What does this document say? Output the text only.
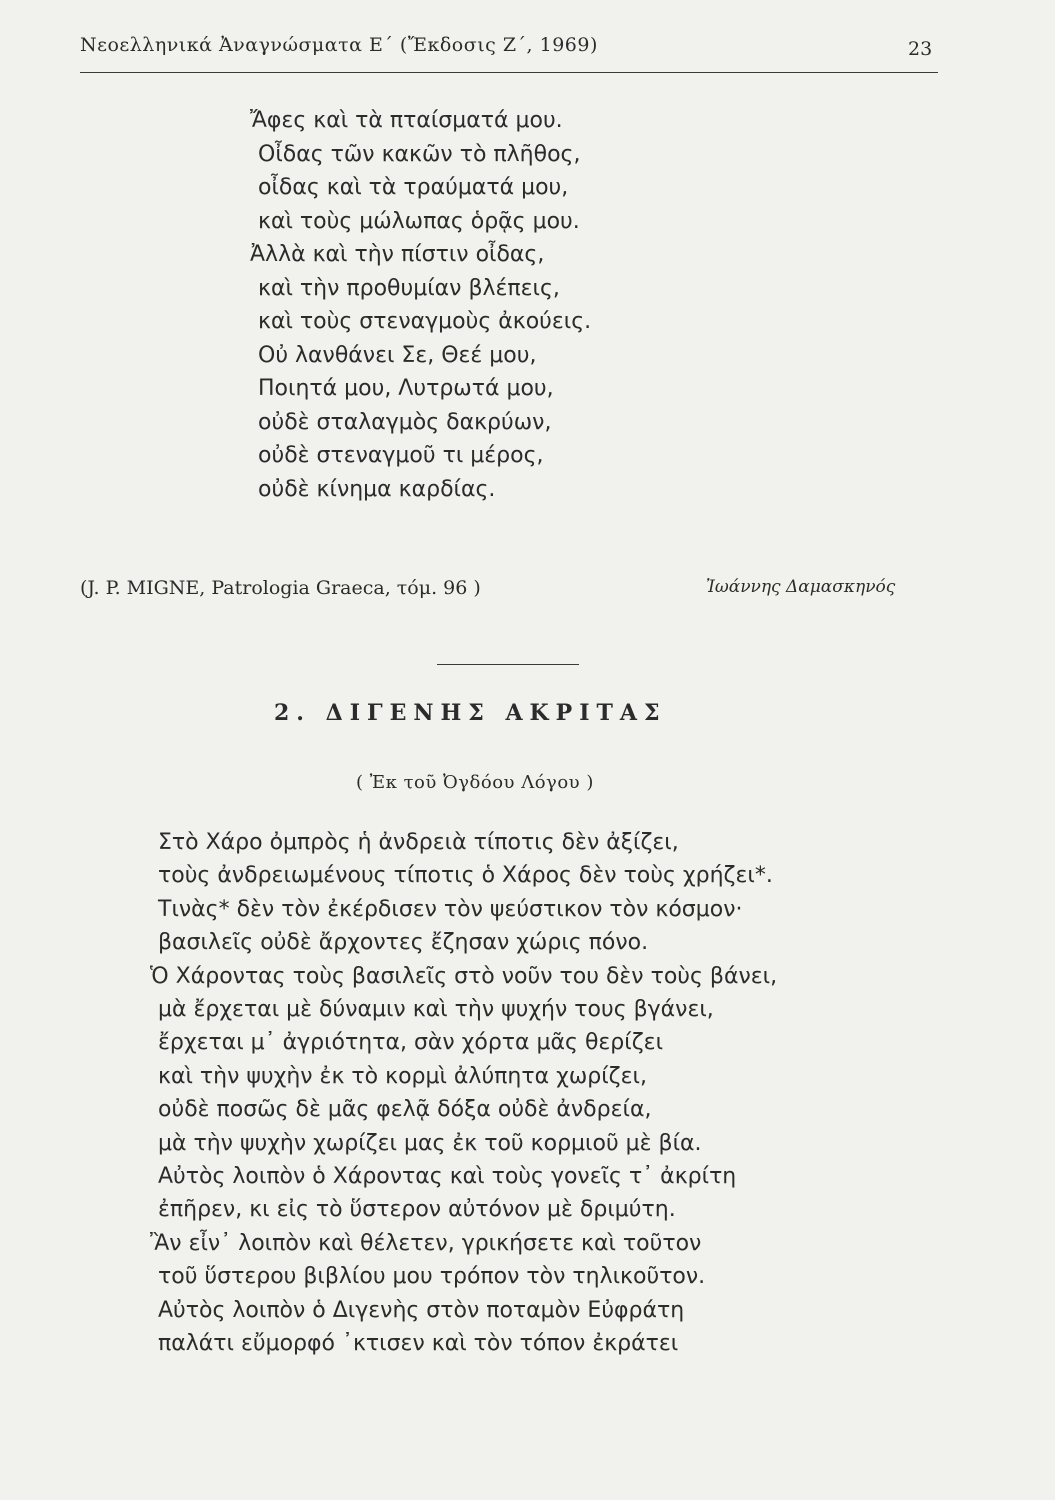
Νεοελληνικά Ἀναγνώσματα Ε΄ (Ἔκδοσις Ζ΄, 1969)	23
Ἄφες καὶ τὰ πταίσματά μου.
Οἶδας τῶν κακῶν τὸ πλῆθος,
οἶδας καὶ τὰ τραύματά μου,
καὶ τοὺς μώλωπας ὁρᾷς μου.
Ἀλλὰ καὶ τὴν πίστιν οἶδας,
καὶ τὴν προθυμίαν βλέπεις,
καὶ τοὺς στεναγμοὺς ἀκούεις.
Οὐ λανθάνει Σε, Θεέ μου,
Ποιητά μου, Λυτρωτά μου,
οὐδὲ σταλαγμὸς δακρύων,
οὐδὲ στεναγμοῦ τι μέρος,
οὐδὲ κίνημα καρδίας.
(J. P. MIGNE, Patrologia Graeca, τόμ. 96 )	Ἰωάννης Δαμασκηνός
2. ΔΙΓΕΝΗΣ ΑΚΡΙΤΑΣ
( Ἐκ τοῦ Ὀγδόου Λόγου )
Στὸ Χάρο ὀμπρὸς ἡ ἀνδρειὰ τίποτις δὲν ἀξίζει,
τοὺς ἀνδρειωμένους τίποτις ὁ Χάρος δὲν τοὺς χρήζει*.
Τινὰς* δὲν τὸν ἐκέρδισεν τὸν ψεύστικον τὸν κόσμον·
βασιλεῖς οὐδὲ ἄρχοντες ἔζησαν χώρις πόνο.
Ὁ Χάροντας τοὺς βασιλεῖς στὸ νοῦν του δὲν τοὺς βάνει,
μὰ ἔρχεται μὲ δύναμιν καὶ τὴν ψυχήν τους βγάνει,
ἔρχεται μ᾽ ἀγριότητα, σὰν χόρτα μᾶς θερίζει
καὶ τὴν ψυχὴν ἐκ τὸ κορμὶ ἀλύπητα χωρίζει,
οὐδὲ ποσῶς δὲ μᾶς φελᾷ δόξα οὐδὲ ἀνδρεία,
μὰ τὴν ψυχὴν χωρίζει μας ἐκ τοῦ κορμιοῦ μὲ βία.
Αὐτὸς λοιπὸν ὁ Χάροντας καὶ τοὺς γονεῖς τ᾽ ἀκρίτη
ἐπῆρεν, κι εἰς τὸ ὕστερον αὐτόνον μὲ δριμύτη.
Ἂν εἶν᾽ λοιπὸν καὶ θέλετεν, γρικήσετε καὶ τοῦτον
τοῦ ὕστερου βιβλίου μου τρόπον τὸν τηλικοῦτον.
Αὐτὸς λοιπὸν ὁ Διγενὴς στὸν ποταμὸν Εὐφράτη
παλάτι εὔμορφό ᾽κτισεν καὶ τὸν τόπον ἐκράτει
